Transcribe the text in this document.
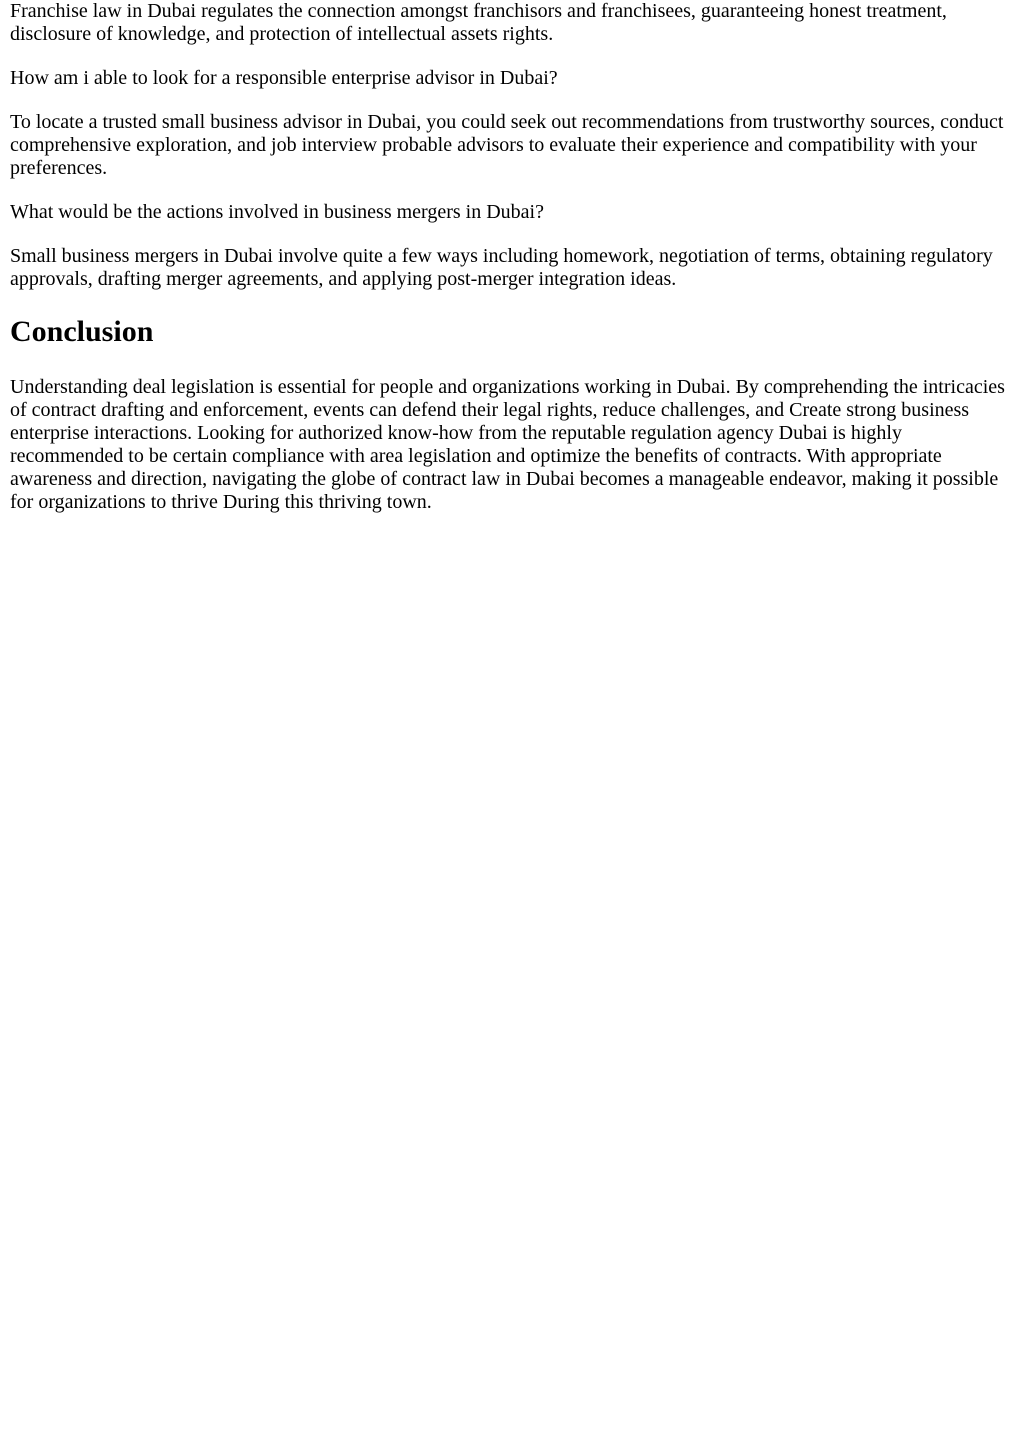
Franchise law in Dubai regulates the connection amongst franchisors and franchisees, guaranteeing honest treatment, disclosure of knowledge, and protection of intellectual assets rights.

How am i able to look for a responsible enterprise advisor in Dubai?

To locate a trusted small business advisor in Dubai, you could seek out recommendations from trustworthy sources, conduct comprehensive exploration, and job interview probable advisors to evaluate their experience and compatibility with your preferences.

What would be the actions involved in business mergers in Dubai?

Small business mergers in Dubai involve quite a few ways including homework, negotiation of terms, obtaining regulatory approvals, drafting merger agreements, and applying post-merger integration ideas.

Conclusion

Understanding deal legislation is essential for people and organizations working in Dubai. By comprehending the intricacies of contract drafting and enforcement, events can defend their legal rights, reduce challenges, and Create strong business enterprise interactions. Looking for authorized know-how from the reputable regulation agency Dubai is highly recommended to be certain compliance with area legislation and optimize the benefits of contracts. With appropriate awareness and direction, navigating the globe of contract law in Dubai becomes a manageable endeavor, making it possible for organizations to thrive During this thriving town.
